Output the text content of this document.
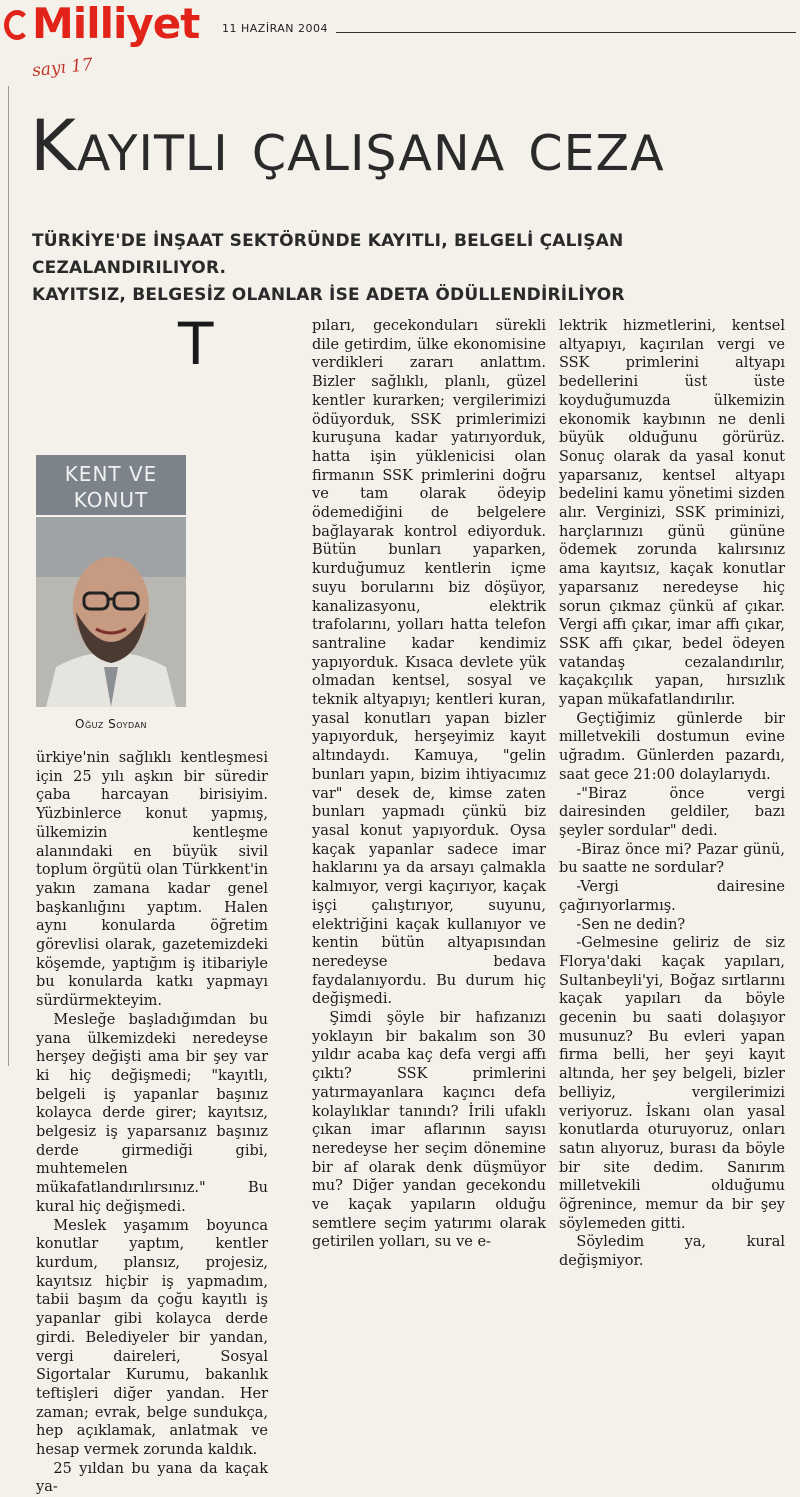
Milliyet 11 HAZİRAN 2004
sayı 17
Kayıtlı çalışana ceza
TÜRKİYE'DE İNŞAAT SEKTÖRÜNDE KAYITLI, BELGELİ ÇALIŞAN CEZALANDIRILIYOR.
KAYITSIZ, BELGESİZ OLANLAR İSE ADETA ÖDÜLLENDİRİLİYOR
KENT VE
KONUT
Oğuz Soydan

T
ürkiye'nin sağlıklı kentleşmesi için 25 yılı aşkın bir süredir çaba harcayan birisiyim. Yüzbinlerce konut yapmış, ülkemizin kentleşme alanındaki en büyük sivil toplum örgütü olan Türkkent'in yakın zamana kadar genel başkanlığını yaptım. Halen aynı konularda öğretim görevlisi olarak, gazetemizdeki köşemde, yaptığım iş itibariyle bu konularda katkı yapmayı sürdürmekteyim.

Mesleğe başladığımdan bu yana ülkemizdeki neredeyse herşey değişti ama bir şey var ki hiç değişmedi; "kayıtlı, belgeli iş yapanlar başınız kolayca derde girer; kayıtsız, belgesiz iş yaparsanız başınız derde girmediği gibi, muhtemelen mükafatlandırılırsınız." Bu kural hiç değişmedi.

Meslek yaşamım boyunca konutlar yaptım, kentler kurdum, plansız, projesiz, kayıtsız hiçbir iş yapmadım, tabii başım da çoğu kayıtlı iş yapanlar gibi kolayca derde girdi. Belediyeler bir yandan, vergi daireleri, Sosyal Sigortalar Kurumu, bakanlık teftişleri diğer yandan. Her zaman; evrak, belge sundukça, hep açıklamak, anlatmak ve hesap vermek zorunda kaldık.

25 yıldan bu yana da kaçak ya-

pıları, gecekonduları sürekli dile getirdim, ülke ekonomisine verdikleri zararı anlattım. Bizler sağlıklı, planlı, güzel kentler kurarken; vergilerimizi ödüyorduk, SSK primlerimizi kuruşuna kadar yatırıyorduk, hatta işin yüklenicisi olan firmanın SSK primlerini doğru ve tam olarak ödeyip ödemediğini de belgelere bağlayarak kontrol ediyorduk. Bütün bunları yaparken, kurduğumuz kentlerin içme suyu borularını biz döşüyor, kanalizasyonu, elektrik trafolarını, yolları hatta telefon santraline kadar kendimiz yapıyorduk. Kısaca devlete yük olmadan kentsel, sosyal ve teknik altyapıyı; kentleri kuran, yasal konutları yapan bizler yapıyorduk, herşeyimiz kayıt altındaydı. Kamuya, "gelin bunları yapın, bizim ihtiyacımız var" desek de, kimse zaten bunları yapmadı çünkü biz yasal konut yapıyorduk. Oysa kaçak yapanlar sadece imar haklarını ya da arsayı çalmakla kalmıyor, vergi kaçırıyor, kaçak işçi çalıştırıyor, suyunu, elektriğini kaçak kullanıyor ve kentin bütün altyapısından neredeyse bedava faydalanıyordu. Bu durum hiç değişmedi.

Şimdi şöyle bir hafızanızı yoklayın bir bakalım son 30 yıldır acaba kaç defa vergi affı çıktı? SSK primlerini yatırmayanlara kaçıncı defa kolaylıklar tanındı? İrili ufaklı çıkan imar aflarının sayısı neredeyse her seçim dönemine bir af olarak denk düşmüyor mu? Diğer yandan gecekondu ve kaçak yapıların olduğu semtlere seçim yatırımı olarak getirilen yolları, su ve e-

lektrik hizmetlerini, kentsel altyapıyı, kaçırılan vergi ve SSK primlerini altyapı bedellerini üst üste koyduğumuzda ülkemizin ekonomik kaybının ne denli büyük olduğunu görürüz. Sonuç olarak da yasal konut yaparsanız, kentsel altyapı bedelini kamu yönetimi sizden alır. Verginizi, SSK priminizi, harçlarınızı günü gününe ödemek zorunda kalırsınız ama kayıtsız, kaçak konutlar yaparsanız neredeyse hiç sorun çıkmaz çünkü af çıkar. Vergi affı çıkar, imar affı çıkar, SSK affı çıkar, bedel ödeyen vatandaş cezalandırılır, kaçakçılık yapan, hırsızlık yapan mükafatlandırılır.

Geçtiğimiz günlerde bir milletvekili dostumun evine uğradım. Günlerden pazardı, saat gece 21:00 dolaylarıydı.

-"Biraz önce vergi dairesinden geldiler, bazı şeyler sordular" dedi.

-Biraz önce mi? Pazar günü, bu saatte ne sordular?

-Vergi dairesine çağırıyorlarmış.

-Sen ne dedin?

-Gelmesine geliriz de siz Florya'daki kaçak yapıları, Sultanbeyli'yi, Boğaz sırtlarını kaçak yapıları da böyle gecenin bu saati dolaşıyor musunuz? Bu evleri yapan firma belli, her şeyi kayıt altında, her şey belgeli, bizler belliyiz, vergilerimizi veriyoruz. İskanı olan yasal konutlarda oturuyoruz, onları satın alıyoruz, burası da böyle bir site dedim. Sanırım milletvekili olduğumu öğrenince, memur da bir şey söylemeden gitti.

Söyledim ya, kural değişmiyor.
